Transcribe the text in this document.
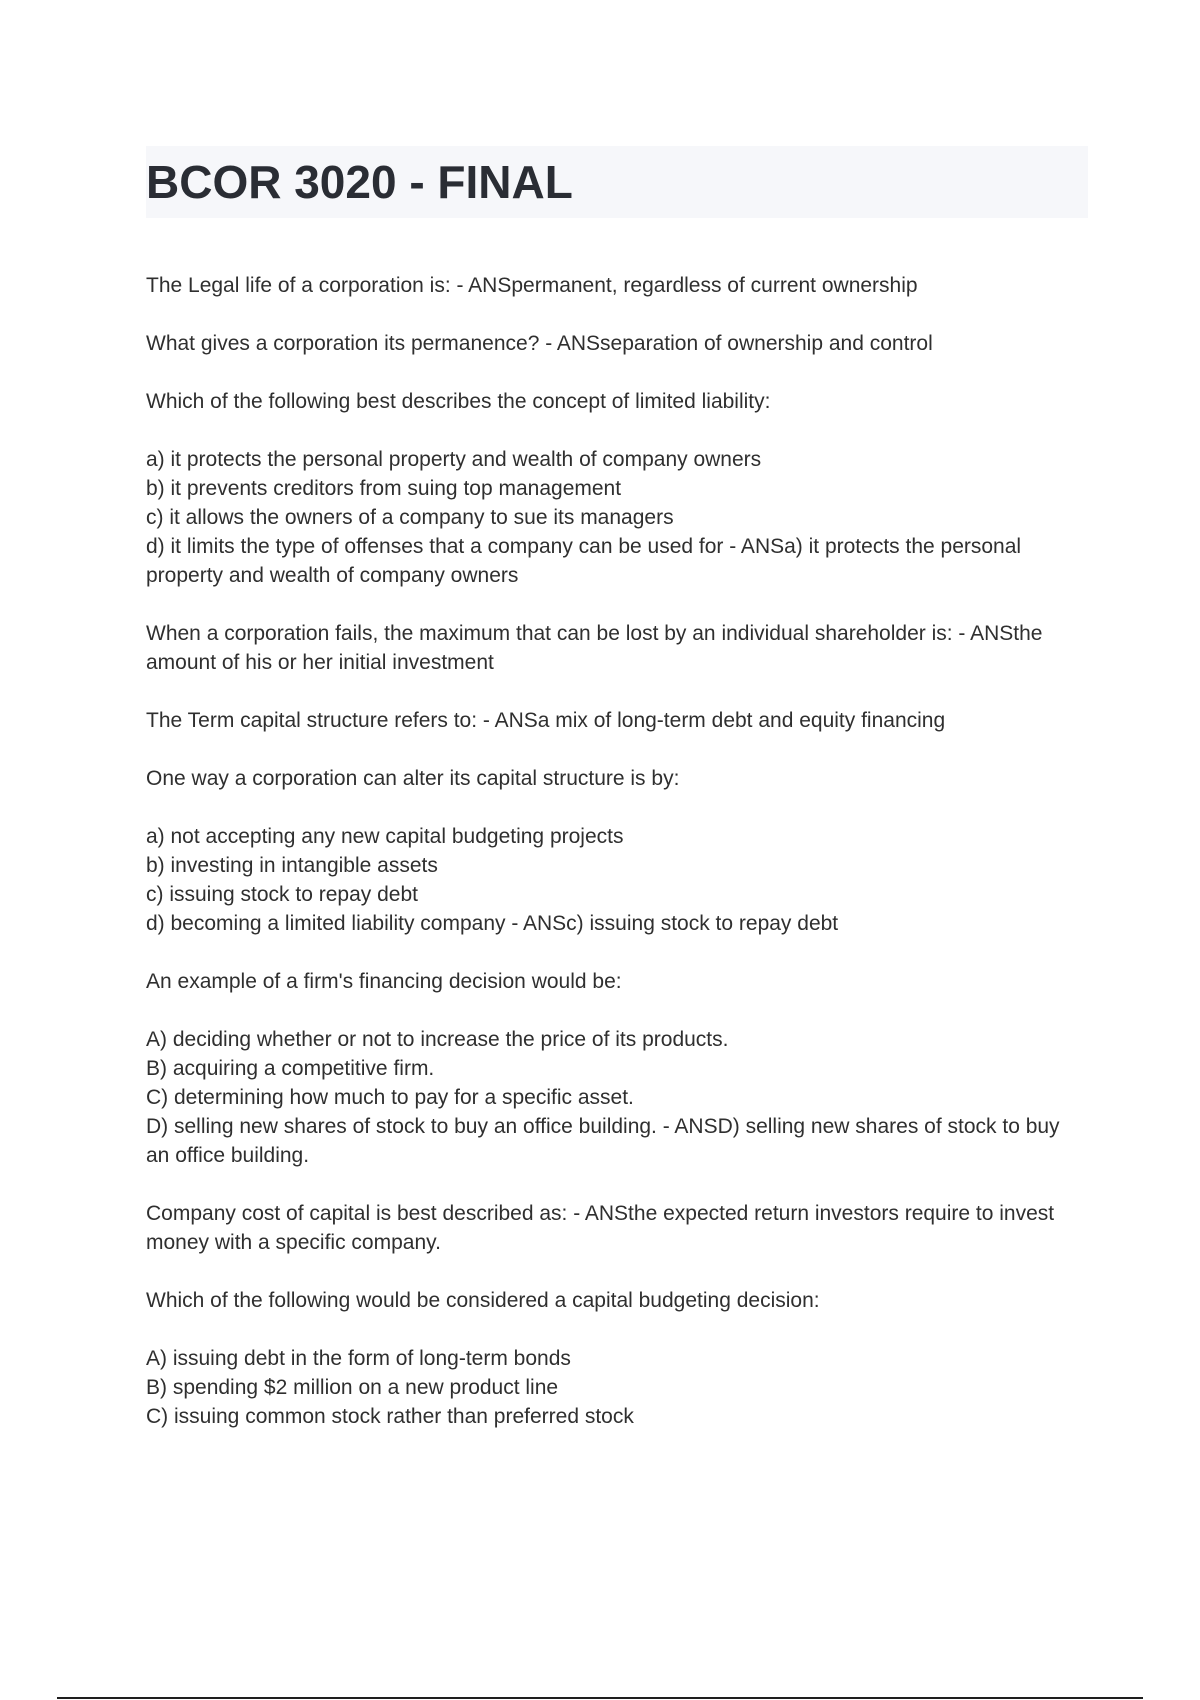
BCOR 3020 - FINAL
The Legal life of a corporation is: - ANSpermanent, regardless of current ownership
What gives a corporation its permanence? - ANSseparation of ownership and control
Which of the following best describes the concept of limited liability:
a) it protects the personal property and wealth of company owners
b) it prevents creditors from suing top management
c) it allows the owners of a company to sue its managers
d) it limits the type of offenses that a company can be used for - ANSa) it protects the personal property and wealth of company owners
When a corporation fails, the maximum that can be lost by an individual shareholder is: - ANSthe amount of his or her initial investment
The Term capital structure refers to: - ANSa mix of long-term debt and equity financing
One way a corporation can alter its capital structure is by:
a) not accepting any new capital budgeting projects
b) investing in intangible assets
c) issuing stock to repay debt
d) becoming a limited liability company - ANSc) issuing stock to repay debt
An example of a firm's financing decision would be:
A) deciding whether or not to increase the price of its products.
B) acquiring a competitive firm.
C) determining how much to pay for a specific asset.
D) selling new shares of stock to buy an office building. - ANSD) selling new shares of stock to buy an office building.
Company cost of capital is best described as: - ANSthe expected return investors require to invest money with a specific company.
Which of the following would be considered a capital budgeting decision:
A) issuing debt in the form of long-term bonds
B) spending $2 million on a new product line
C) issuing common stock rather than preferred stock
